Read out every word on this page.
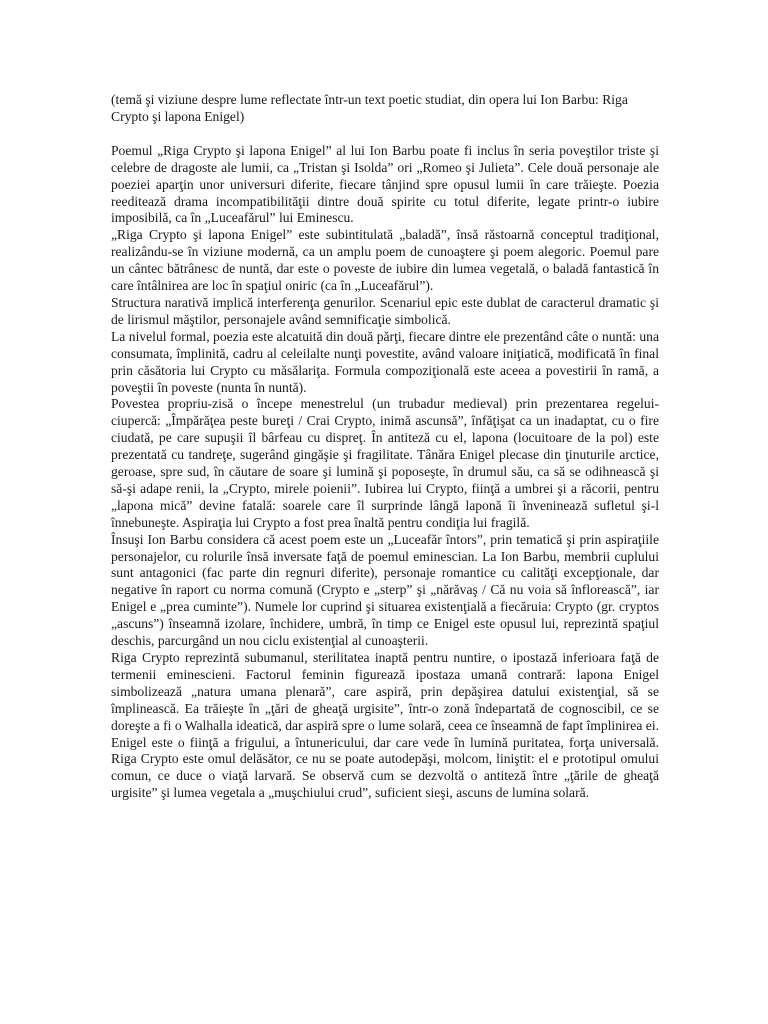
(temă şi viziune despre lume reflectate într-un text poetic studiat, din opera lui Ion Barbu: Riga Crypto şi lapona Enigel)

Poemul „Riga Crypto şi lapona Enigel” al lui Ion Barbu poate fi inclus în seria poveştilor triste şi celebre de dragoste ale lumii, ca „Tristan şi Isolda” ori „Romeo şi Julieta”. Cele două personaje ale poeziei aparţin unor universuri diferite, fiecare tânjind spre opusul lumii în care trăieşte. Poezia reeditează drama incompatibilităţii dintre două spirite cu totul diferite, legate printr-o iubire imposibilă, ca în „Luceafărul” lui Eminescu.

„Riga Crypto şi lapona Enigel” este subintitulată „baladă”, însă răstoarnă conceptul tradiţional, realizându-se în viziune modernă, ca un amplu poem de cunoaştere şi poem alegoric. Poemul pare un cântec bătrânesc de nuntă, dar este o poveste de iubire din lumea vegetală, o baladă fantastică în care întâlnirea are loc în spaţiul oniric (ca în „Luceafărul”).

Structura narativă implică interferenţa genurilor. Scenariul epic este dublat de caracterul dramatic şi de lirismul măştilor, personajele având semnificaţie simbolică.

La nivelul formal, poezia este alcatuită din două părţi, fiecare dintre ele prezentând câte o nuntă: una consumata, împlinită, cadru al celeilalte nunţi povestite, având valoare iniţiatică, modificată în final prin căsătoria lui Crypto cu măsălariţa. Formula compoziţională este aceea a povestirii în ramă, a poveştii în poveste (nunta în nuntă).

Povestea propriu-zisă o începe menestrelul (un trubadur medieval) prin prezentarea regelui-ciupercă: „Împărăţea peste bureţi / Crai Crypto, inimă ascunsă”, înfăţişat ca un inadaptat, cu o fire ciudată, pe care supuşii îl bârfeau cu dispreţ. În antiteză cu el, lapona (locuitoare de la pol) este prezentată cu tandreţe, sugerând gingăşie şi fragilitate. Tânăra Enigel plecase din ţinuturile arctice, geroase, spre sud, în căutare de soare şi lumină şi poposeşte, în drumul său, ca să se odihnească şi să-şi adape renii, la „Crypto, mirele poienii”. Iubirea lui Crypto, fiinţă a umbrei şi a răcorii, pentru „lapona mică” devine fatală: soarele care îl surprinde lângă laponă îi înveninează sufletul şi-l înnebuneşte. Aspiraţia lui Crypto a fost prea înaltă pentru condiţia lui fragilă.

Însuşi Ion Barbu considera că acest poem este un „Luceafăr întors”, prin tematică şi prin aspiraţiile personajelor, cu rolurile însă inversate faţă de poemul eminescian. La Ion Barbu, membrii cuplului sunt antagonici (fac parte din regnuri diferite), personaje romantice cu calităţi excepţionale, dar negative în raport cu norma comună (Crypto e „sterp” şi „nărăvaş / Că nu voia să înflorească”, iar Enigel e „prea cuminte”). Numele lor cuprind şi situarea existenţială a fiecăruia: Crypto (gr. cryptos „ascuns”) înseamnă izolare, închidere, umbră, în timp ce Enigel este opusul lui, reprezintă spaţiul deschis, parcurgând un nou ciclu existenţial al cunoaşterii.

Riga Crypto reprezintă subumanul, sterilitatea inaptă pentru nuntire, o ipostază inferioara faţă de termenii eminescieni. Factorul feminin figurează ipostaza umană contrară: lapona Enigel simbolizează „natura umana plenară”, care aspiră, prin depăşirea datului existenţial, să se împlinească. Ea trăieşte în „ţări de gheaţă urgisite”, într-o zonă îndepartată de cognoscibil, ce se doreşte a fi o Walhalla ideatică, dar aspiră spre o lume solară, ceea ce înseamnă de fapt împlinirea ei. Enigel este o fiinţă a frigului, a întunericului, dar care vede în lumină puritatea, forţa universală. Riga Crypto este omul delăsător, ce nu se poate autodepăşi, molcom, liniştit: el e prototipul omului comun, ce duce o viaţă larvară. Se observă cum se dezvoltă o antiteză între „ţările de gheaţă urgisite” şi lumea vegetala a „muşchiului crud”, suficient sieşi, ascuns de lumina solară.
